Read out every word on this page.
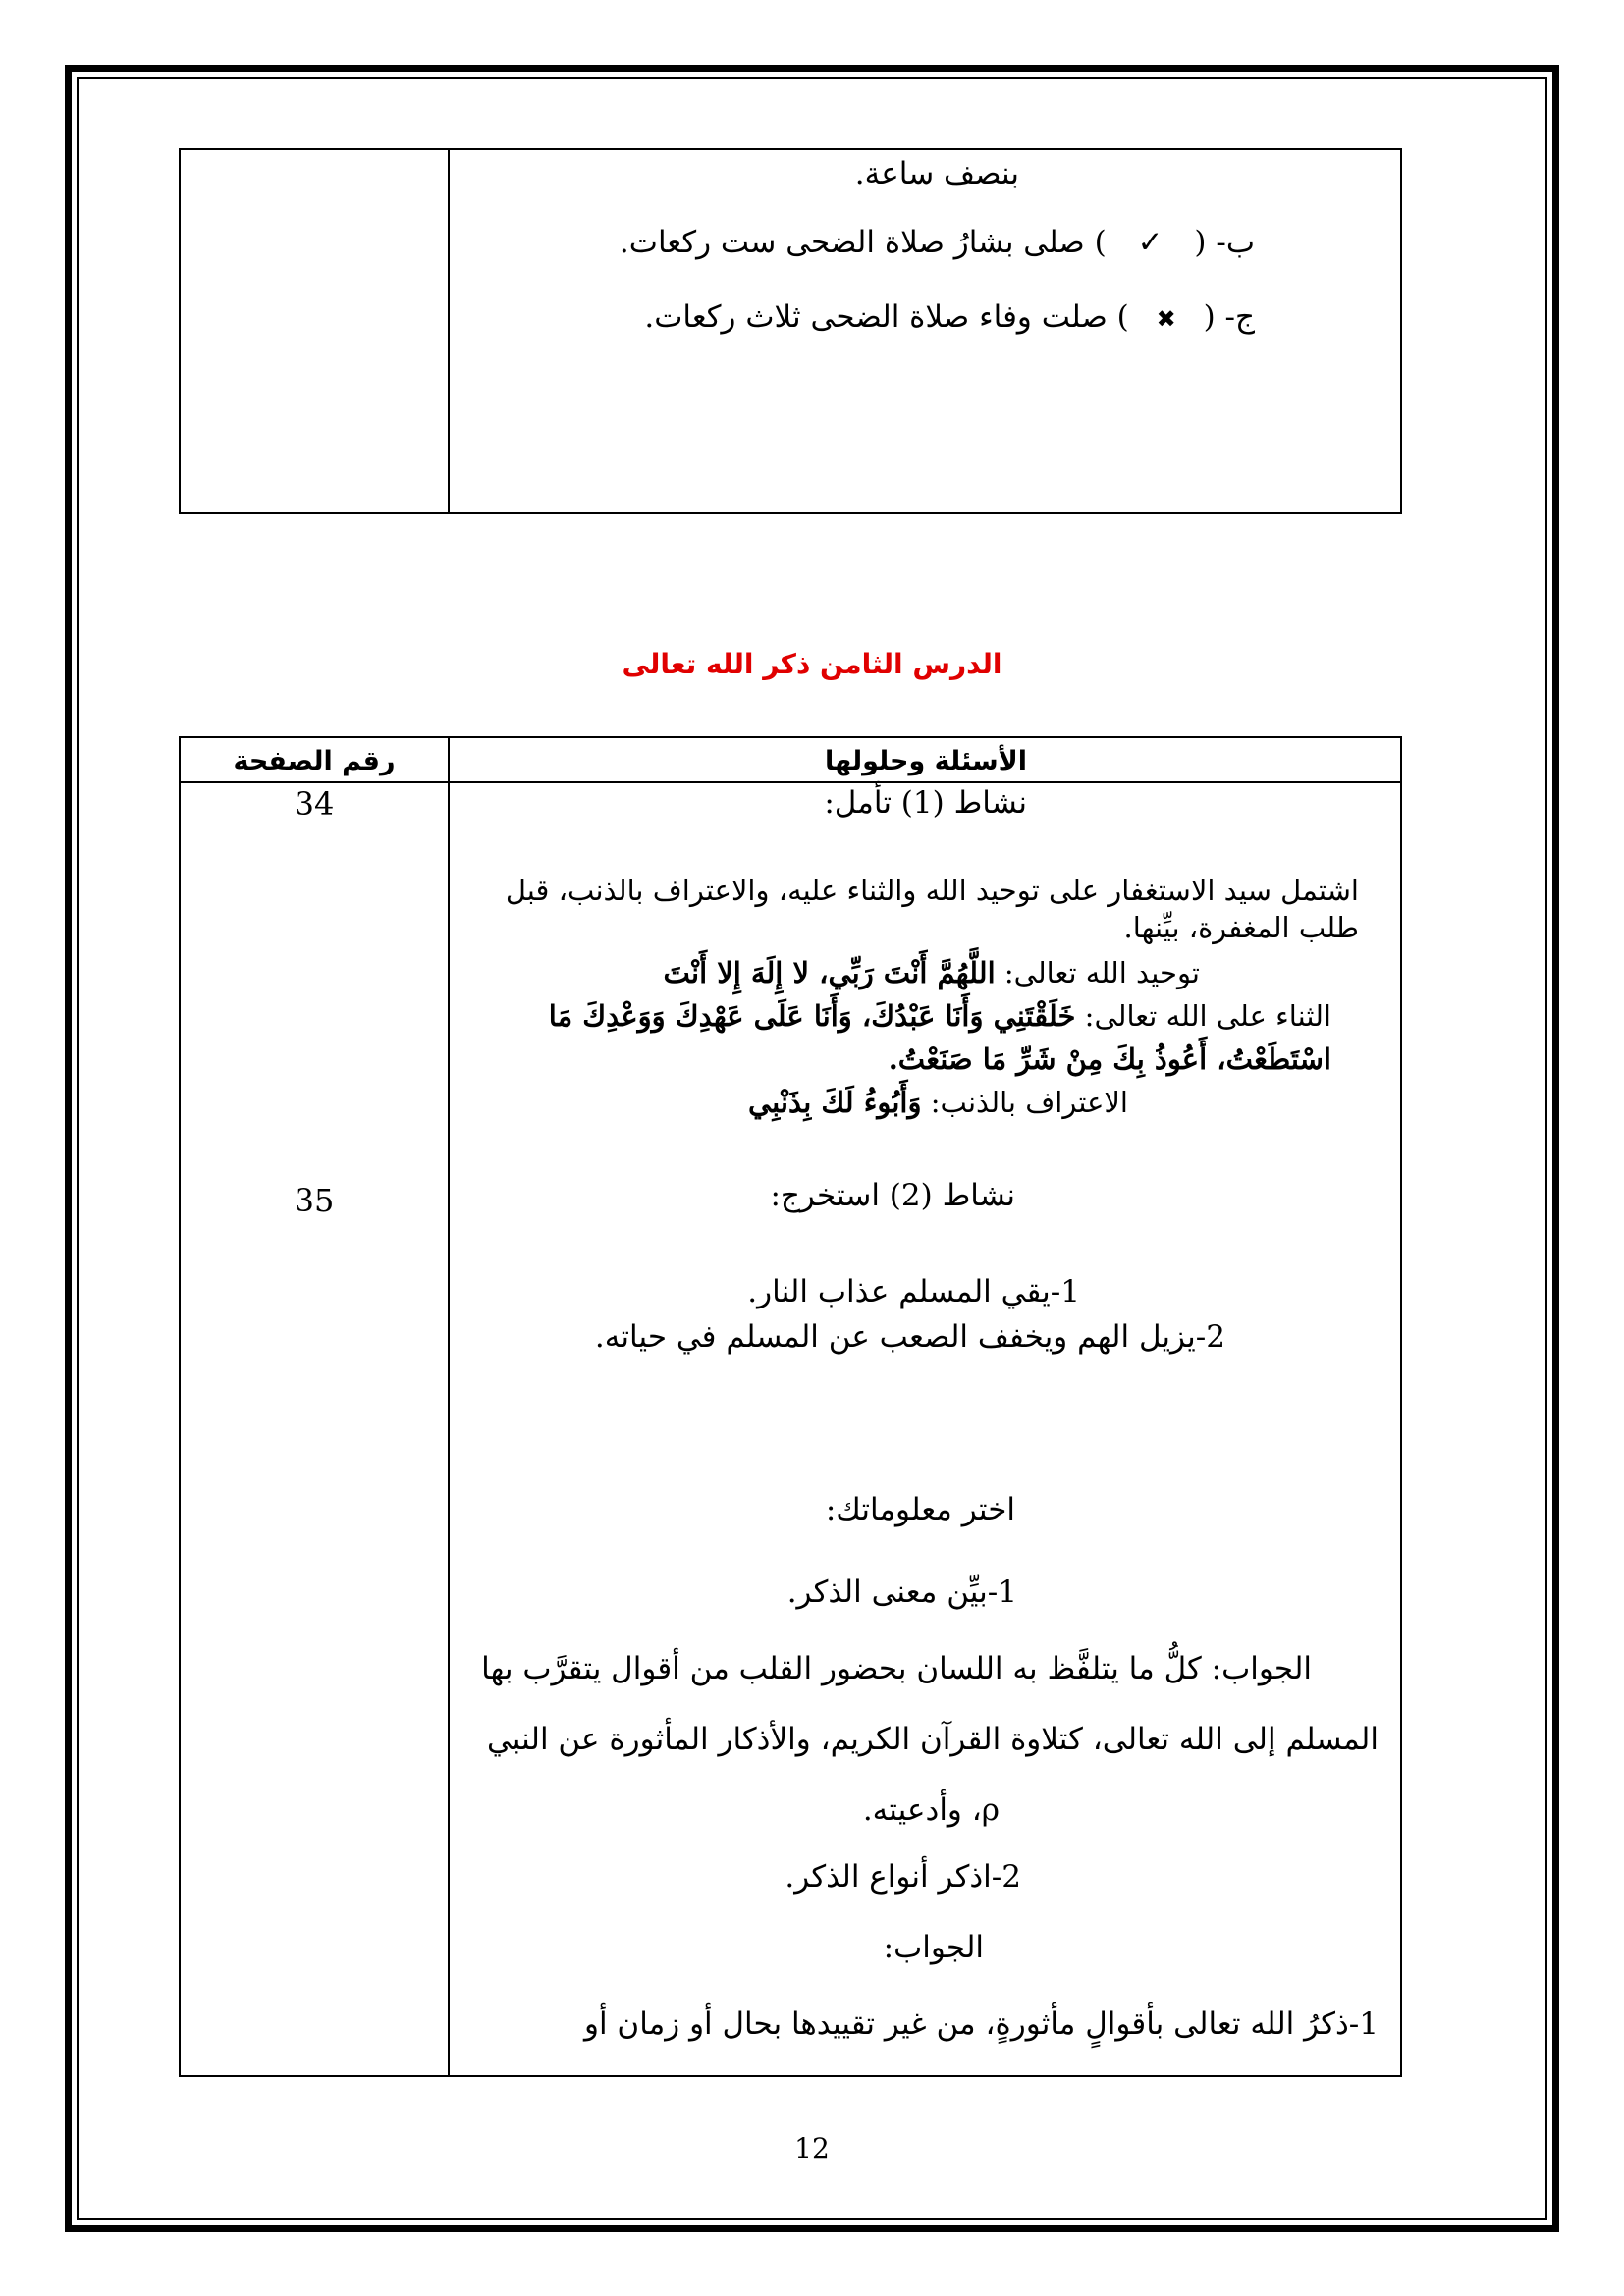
بنصف ساعة.
ب- ( ✓ ) صلى بشارُ صلاة الضحى ست ركعات.
ج- ( ✖ ) صلت وفاء صلاة الضحى ثلاث ركعات.
الدرس الثامن ذكر الله تعالى
الأسئلة وحلولها
رقم الصفحة
34
35
نشاط (1) تأمل:
اشتمل سيد الاستغفار على توحيد الله والثناء عليه، والاعتراف بالذنب، قبل
طلب المغفرة، بيِّنها.
توحيد الله تعالى: اللَّهُمَّ أَنْتَ رَبِّي، لا إِلَهَ إِلا أَنْتَ
الثناء على الله تعالى: خَلَقْتَنِي وَأَنَا عَبْدُكَ، وَأَنَا عَلَى عَهْدِكَ وَوَعْدِكَ مَا
اسْتَطَعْتُ، أَعُوذُ بِكَ مِنْ شَرِّ مَا صَنَعْتُ.
الاعتراف بالذنب: وَأَبُوءُ لَكَ بِذَنْبِي
نشاط (2) استخرج:
1-يقي المسلم عذاب النار.
2-يزيل الهم ويخفف الصعب عن المسلم في حياته.
اختر معلوماتك:
1-بيِّن معنى الذكر.
الجواب: كلُّ ما يتلفَّظ به اللسان بحضور القلب من أقوال يتقرَّب بها
المسلم إلى الله تعالى، كتلاوة القرآن الكريم، والأذكار المأثورة عن النبي
ρ، وأدعيته.
2-اذكر أنواع الذكر.
الجواب:
1-ذكرُ الله تعالى بأقوالٍ مأثورةٍ، من غير تقييدها بحال أو زمان أو
12
